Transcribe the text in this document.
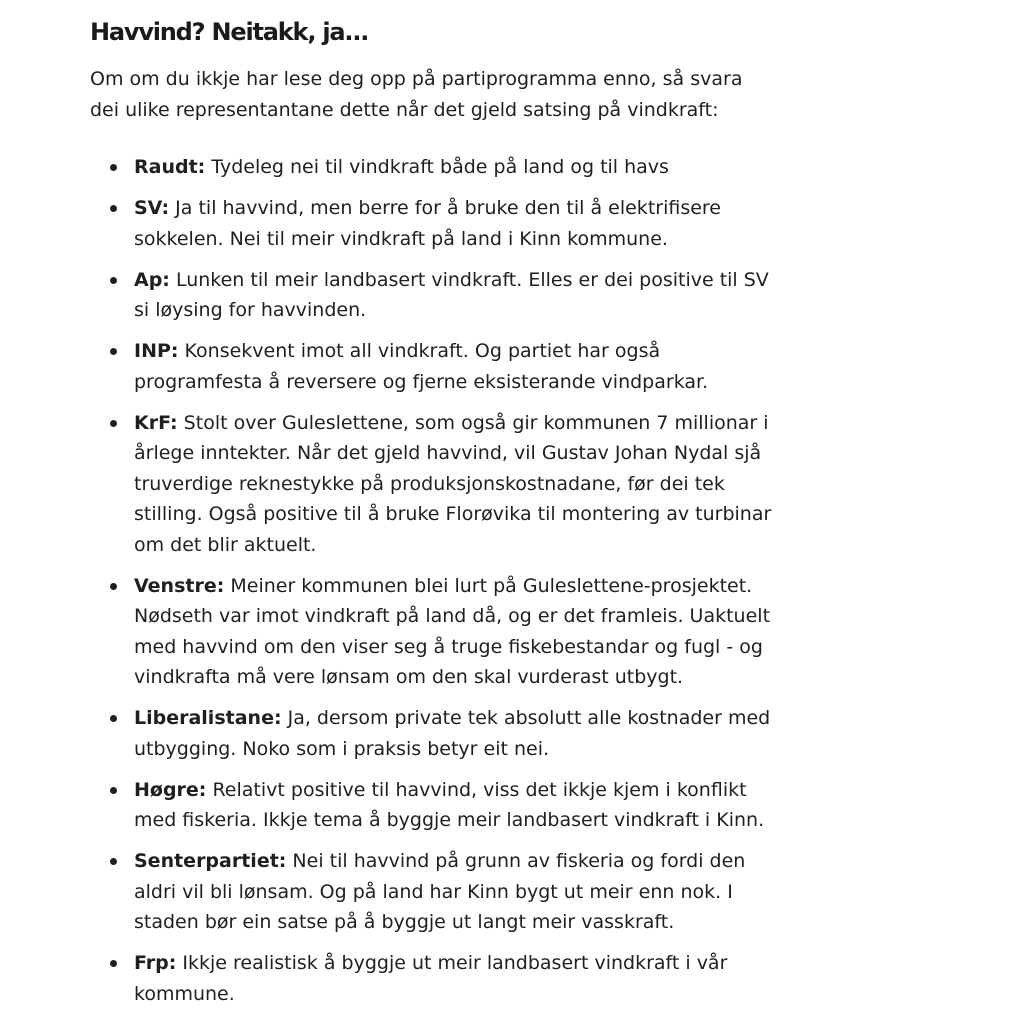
Havvind? Neitakk, ja...

Om om du ikkje har lese deg opp på partiprogramma enno, så svara dei ulike representantane dette når det gjeld satsing på vindkraft:

Raudt: Tydeleg nei til vindkraft både på land og til havs
SV: Ja til havvind, men berre for å bruke den til å elektrifisere sokkelen. Nei til meir vindkraft på land i Kinn kommune.
Ap: Lunken til meir landbasert vindkraft. Elles er dei positive til SV si løysing for havvinden.
INP: Konsekvent imot all vindkraft. Og partiet har også programfesta å reversere og fjerne eksisterande vindparkar.
KrF: Stolt over Guleslettene, som også gir kommunen 7 millionar i årlege inntekter. Når det gjeld havvind, vil Gustav Johan Nydal sjå truverdige reknestykke på produksjonskostnadane, før dei tek stilling. Også positive til å bruke Florøvika til montering av turbinar om det blir aktuelt.
Venstre: Meiner kommunen blei lurt på Guleslettene-prosjektet. Nødseth var imot vindkraft på land då, og er det framleis. Uaktuelt med havvind om den viser seg å truge fiskebestandar og fugl - og vindkrafta må vere lønsam om den skal vurderast utbygt.
Liberalistane: Ja, dersom private tek absolutt alle kostnader med utbygging. Noko som i praksis betyr eit nei.
Høgre: Relativt positive til havvind, viss det ikkje kjem i konflikt med fiskeria. Ikkje tema å byggje meir landbasert vindkraft i Kinn.
Senterpartiet: Nei til havvind på grunn av fiskeria og fordi den aldri vil bli lønsam. Og på land har Kinn bygt ut meir enn nok. I staden bør ein satse på å byggje ut langt meir vasskraft.
Frp: Ikkje realistisk å byggje ut meir landbasert vindkraft i vår kommune.
